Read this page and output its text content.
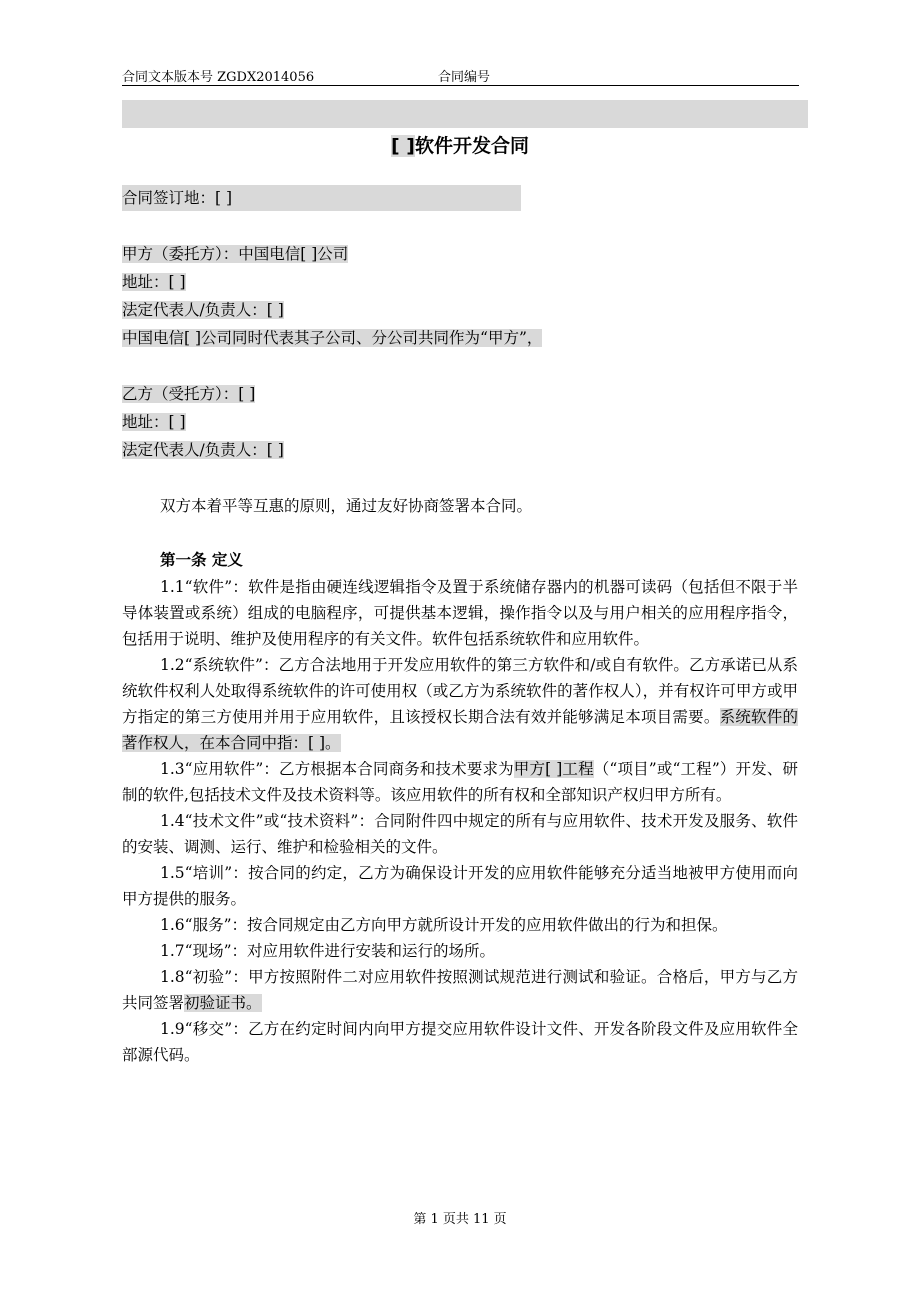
合同文本版本号 ZGDX2014056	合同编号
[ ]软件开发合同
合同签订地：[ ]
甲方（委托方）：中国电信[ ]公司
地址：[ ]
法定代表人/负责人：[ ]
中国电信[ ]公司同时代表其子公司、分公司共同作为“甲方”，
乙方（受托方）：[ ]
地址：[ ]
法定代表人/负责人：[ ]
双方本着平等互惠的原则，通过友好协商签署本合同。
第一条 定义

1.1“软件”：软件是指由硬连线逻辑指令及置于系统储存器内的机器可读码（包括但不限于半导体装置或系统）组成的电脑程序，可提供基本逻辑，操作指令以及与用户相关的应用程序指令，包括用于说明、维护及使用程序的有关文件。软件包括系统软件和应用软件。

1.2“系统软件”：乙方合法地用于开发应用软件的第三方软件和/或自有软件。乙方承诺已从系统软件权利人处取得系统软件的许可使用权（或乙方为系统软件的著作权人），并有权许可甲方或甲方指定的第三方使用并用于应用软件，且该授权长期合法有效并能够满足本项目需要。系统软件的著作权人，在本合同中指：[ ]。

1.3“应用软件”：乙方根据本合同商务和技术要求为甲方[ ]工程（“项目”或“工程”）开发、研制的软件,包括技术文件及技术资料等。该应用软件的所有权和全部知识产权归甲方所有。

1.4“技术文件”或“技术资料”：合同附件四中规定的所有与应用软件、技术开发及服务、软件的安装、调测、运行、维护和检验相关的文件。

1.5“培训”：按合同的约定，乙方为确保设计开发的应用软件能够充分适当地被甲方使用而向甲方提供的服务。

1.6“服务”：按合同规定由乙方向甲方就所设计开发的应用软件做出的行为和担保。

1.7“现场”：对应用软件进行安装和运行的场所。

1.8“初验”：甲方按照附件二对应用软件按照测试规范进行测试和验证。合格后，甲方与乙方共同签署初验证书。

1.9“移交”：乙方在约定时间内向甲方提交应用软件设计文件、开发各阶段文件及应用软件全部源代码。

第 1 页共 11 页
